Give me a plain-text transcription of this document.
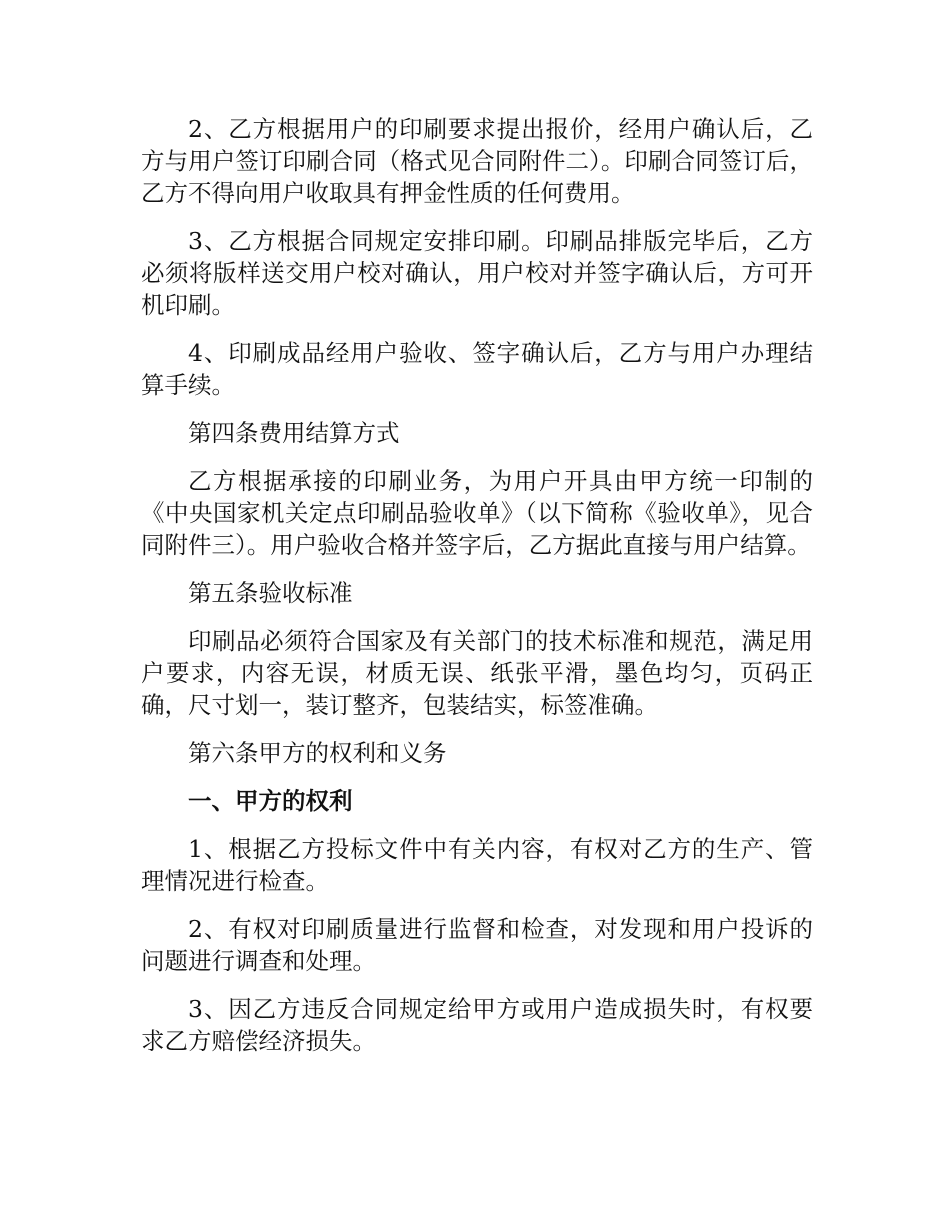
2、乙方根据用户的印刷要求提出报价，经用户确认后，乙方与用户签订印刷合同（格式见合同附件二）。印刷合同签订后，乙方不得向用户收取具有押金性质的任何费用。

3、乙方根据合同规定安排印刷。印刷品排版完毕后，乙方必须将版样送交用户校对确认，用户校对并签字确认后，方可开机印刷。

4、印刷成品经用户验收、签字确认后，乙方与用户办理结算手续。

第四条费用结算方式

乙方根据承接的印刷业务，为用户开具由甲方统一印制的《中央国家机关定点印刷品验收单》（以下简称《验收单》，见合同附件三）。用户验收合格并签字后，乙方据此直接与用户结算。

第五条验收标准

印刷品必须符合国家及有关部门的技术标准和规范，满足用户要求，内容无误，材质无误、纸张平滑，墨色均匀，页码正确，尺寸划一，装订整齐，包装结实，标签准确。

第六条甲方的权利和义务

一、甲方的权利

1、根据乙方投标文件中有关内容，有权对乙方的生产、管理情况进行检查。

2、有权对印刷质量进行监督和检查，对发现和用户投诉的问题进行调查和处理。

3、因乙方违反合同规定给甲方或用户造成损失时，有权要求乙方赔偿经济损失。
